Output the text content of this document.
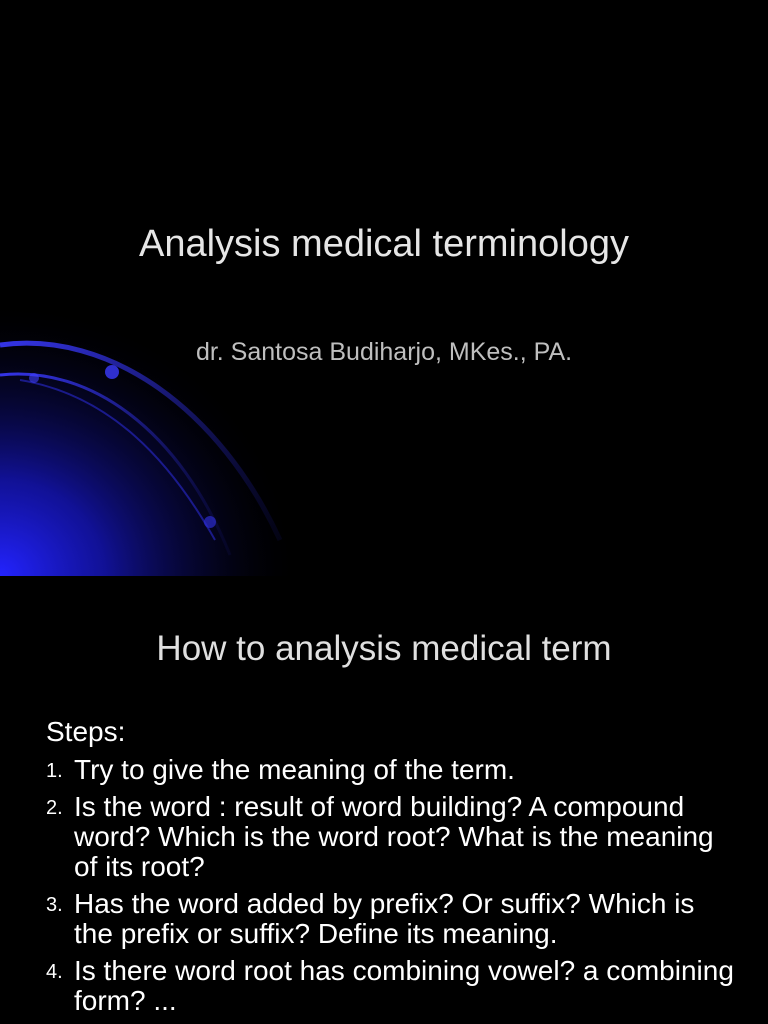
Analysis medical terminology
dr. Santosa Budiharjo, MKes., PA.
How to analysis medical term
Steps:
1. Try to give the meaning of the term.
2. Is the word : result of word building? A compound word? Which is the word root? What is the meaning of its root?
3. Has the word added by prefix? Or suffix? Which is the prefix or suffix? Define its meaning.
4. Is there word root has combining vowel? a combining form? ...
